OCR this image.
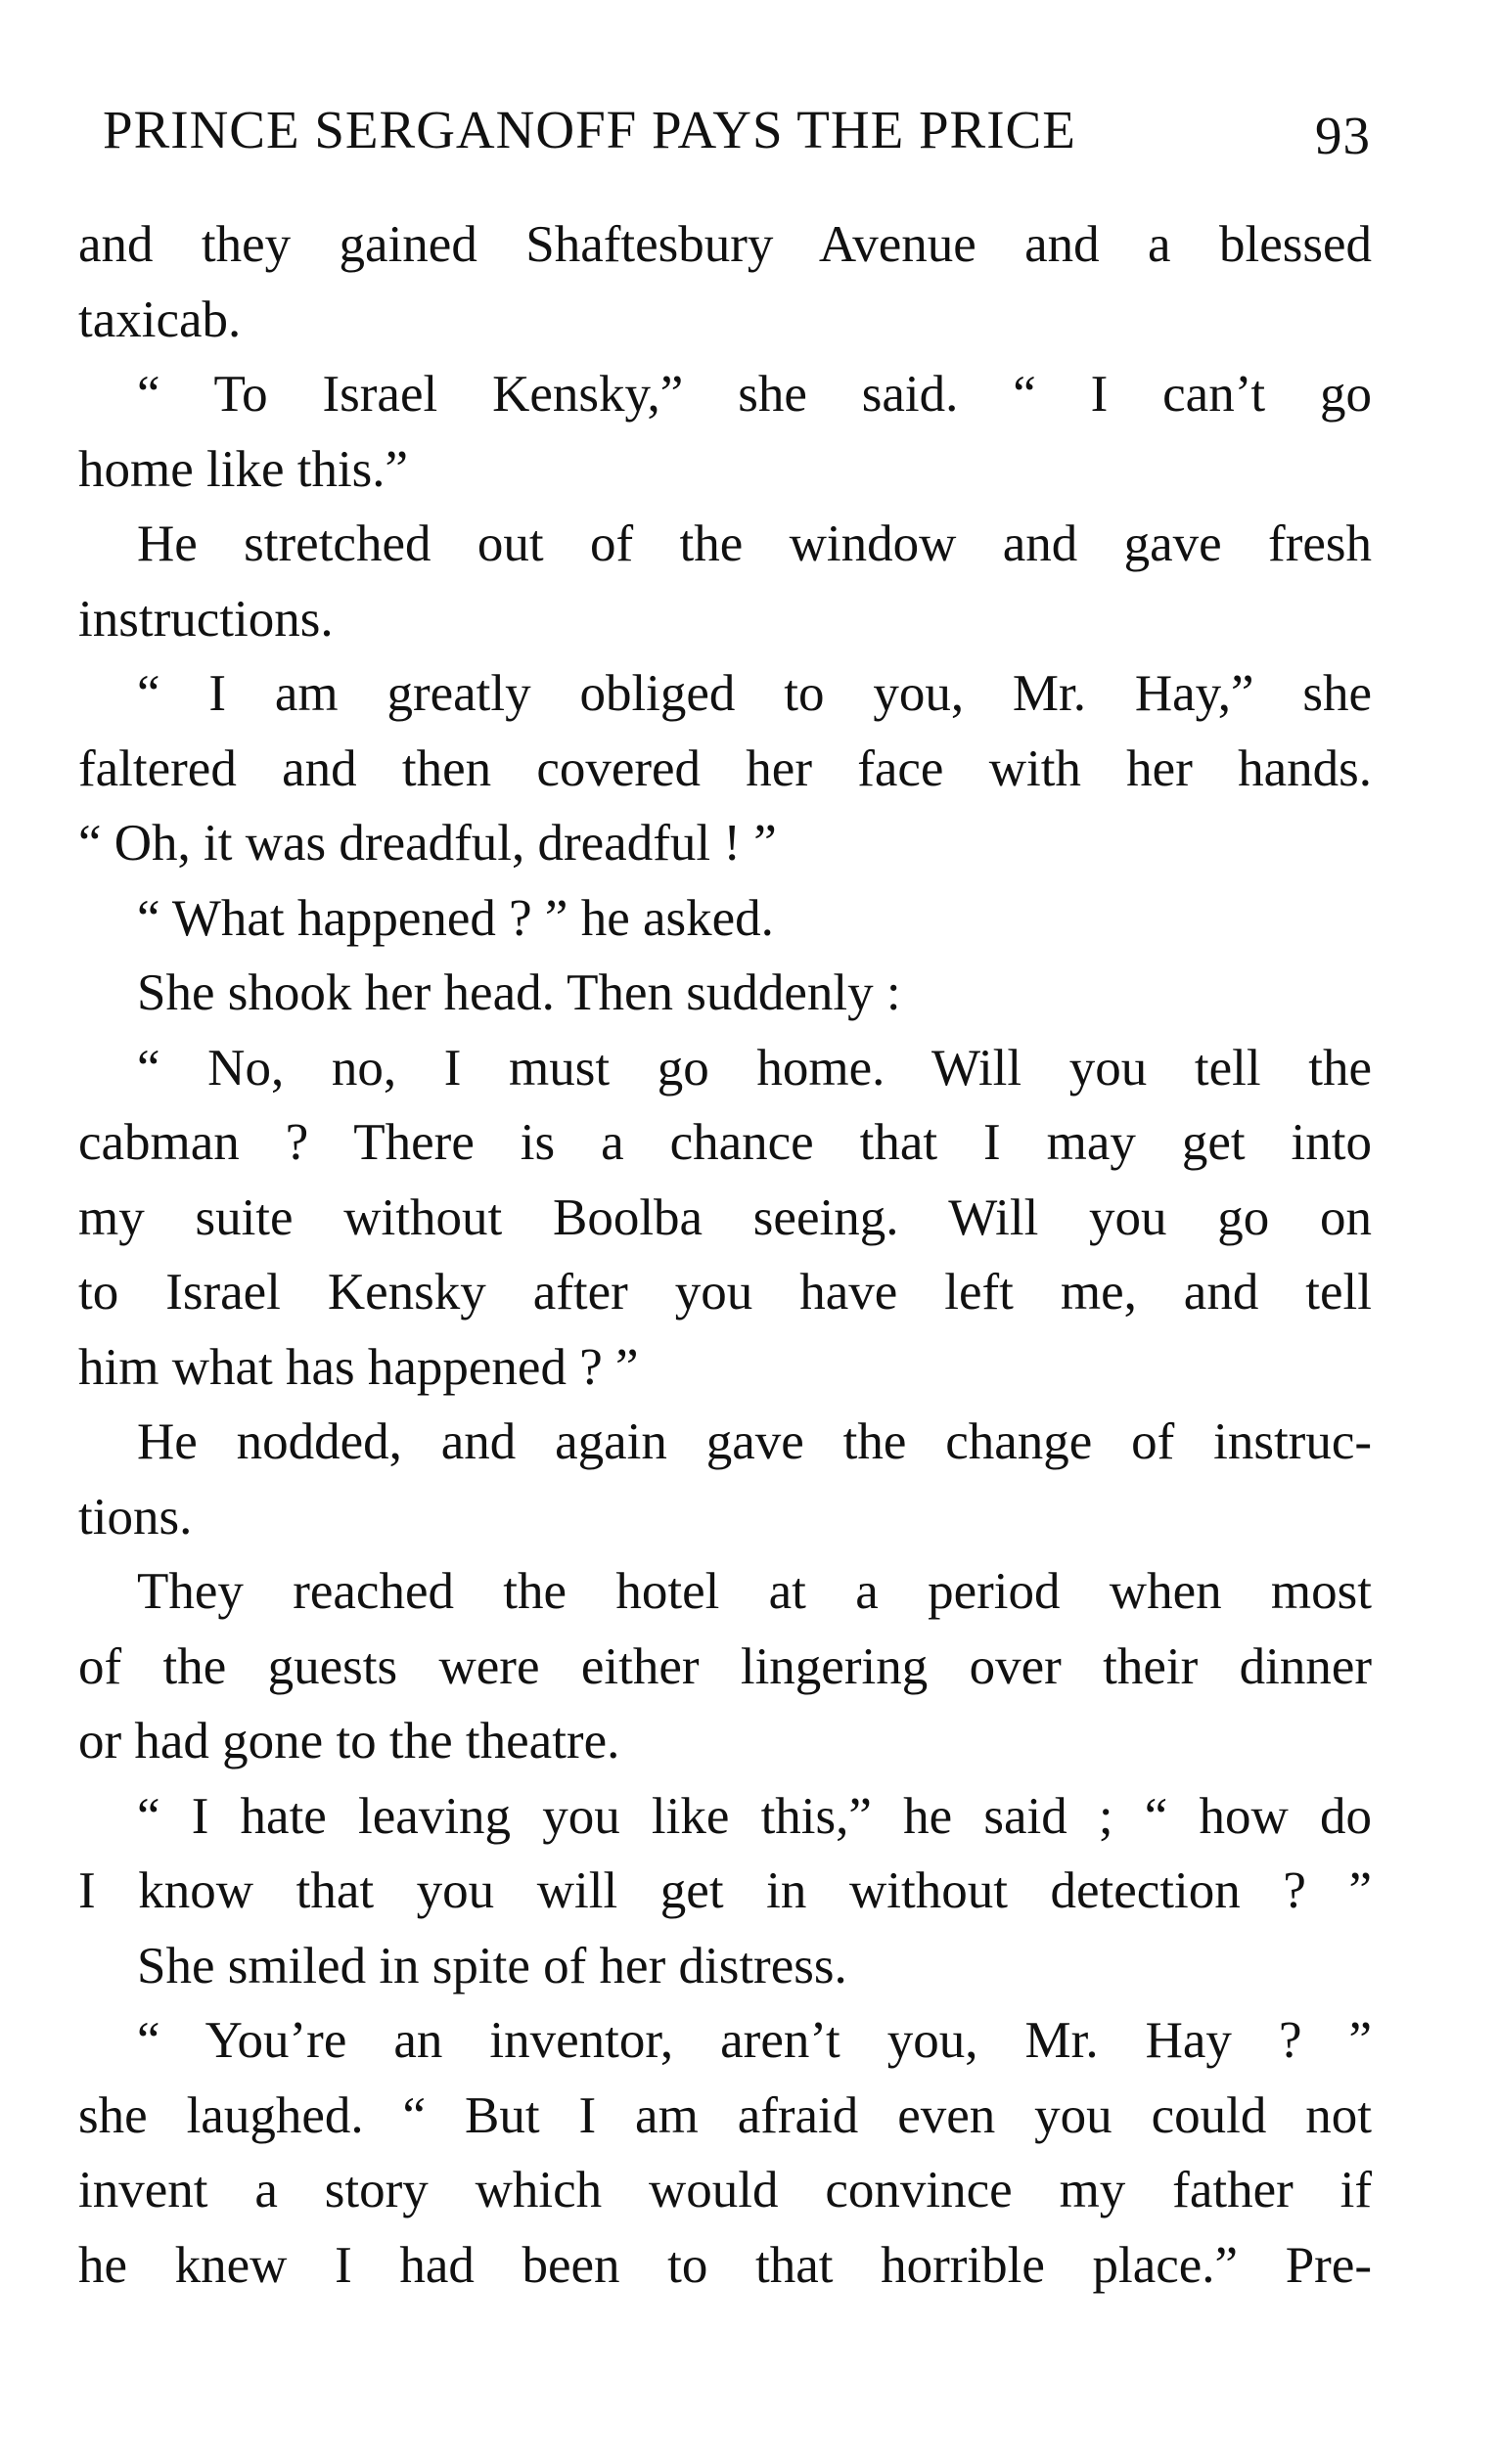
PRINCE SERGANOFF PAYS THE PRICE	93
and they gained Shaftesbury Avenue and a blessed
taxicab.
“ To Israel Kensky,” she said. “ I can’t go
home like this.”
He stretched out of the window and gave fresh
instructions.
“ I am greatly obliged to you, Mr. Hay,” she
faltered and then covered her face with her hands.
“ Oh, it was dreadful, dreadful ! ”
“ What happened ? ” he asked.
She shook her head. Then suddenly :
“ No, no, I must go home. Will you tell the
cabman ? There is a chance that I may get into
my suite without Boolba seeing. Will you go on
to Israel Kensky after you have left me, and tell
him what has happened ? ”
He nodded, and again gave the change of instruc-
tions.
They reached the hotel at a period when most
of the guests were either lingering over their dinner
or had gone to the theatre.
“ I hate leaving you like this,” he said ; “ how do
I know that you will get in without detection ? ”
She smiled in spite of her distress.
“ You’re an inventor, aren’t you, Mr. Hay ? ”
she laughed. “ But I am afraid even you could not
invent a story which would convince my father if
he knew I had been to that horrible place.” Pre-
